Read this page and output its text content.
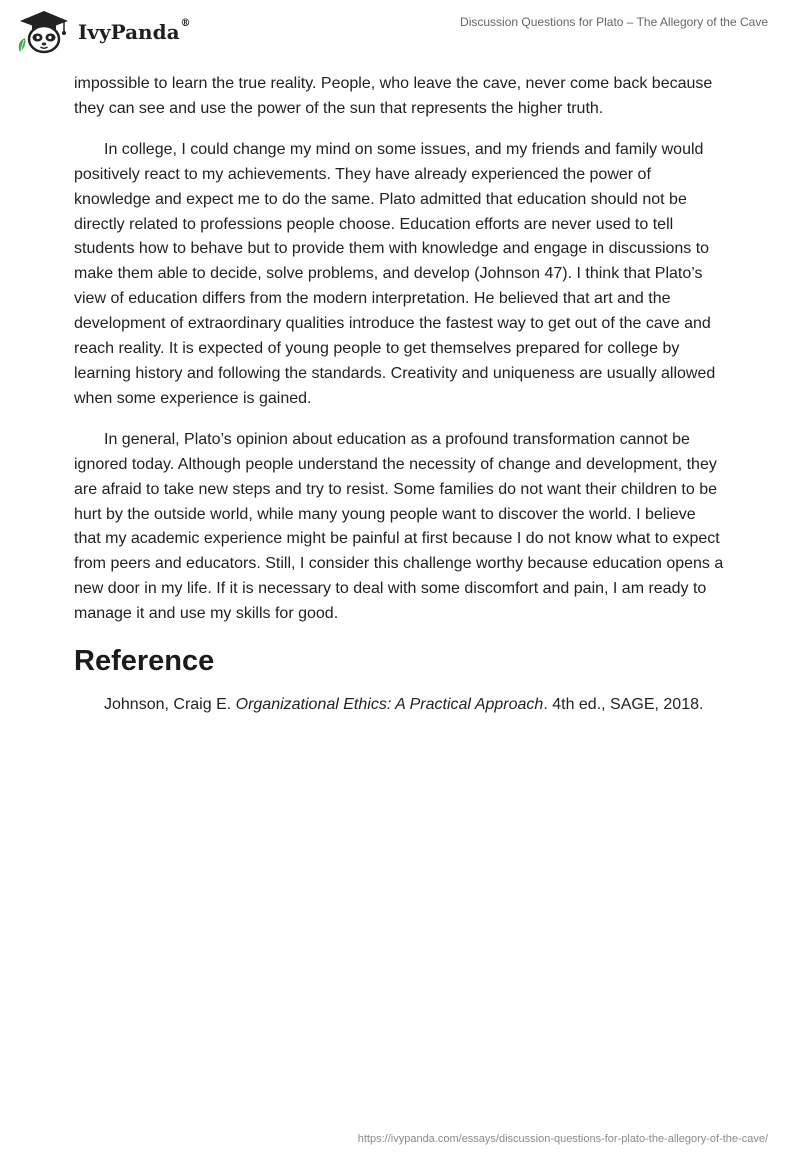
IvyPanda®	Discussion Questions for Plato – The Allegory of the Cave

impossible to learn the true reality. People, who leave the cave, never come back because they can see and use the power of the sun that represents the higher truth.

In college, I could change my mind on some issues, and my friends and family would positively react to my achievements. They have already experienced the power of knowledge and expect me to do the same. Plato admitted that education should not be directly related to professions people choose. Education efforts are never used to tell students how to behave but to provide them with knowledge and engage in discussions to make them able to decide, solve problems, and develop (Johnson 47). I think that Plato’s view of education differs from the modern interpretation. He believed that art and the development of extraordinary qualities introduce the fastest way to get out of the cave and reach reality. It is expected of young people to get themselves prepared for college by learning history and following the standards. Creativity and uniqueness are usually allowed when some experience is gained.

In general, Plato’s opinion about education as a profound transformation cannot be ignored today. Although people understand the necessity of change and development, they are afraid to take new steps and try to resist. Some families do not want their children to be hurt by the outside world, while many young people want to discover the world. I believe that my academic experience might be painful at first because I do not know what to expect from peers and educators. Still, I consider this challenge worthy because education opens a new door in my life. If it is necessary to deal with some discomfort and pain, I am ready to manage it and use my skills for good.

Reference

Johnson, Craig E. Organizational Ethics: A Practical Approach. 4th ed., SAGE, 2018.

https://ivypanda.com/essays/discussion-questions-for-plato-the-allegory-of-the-cave/
